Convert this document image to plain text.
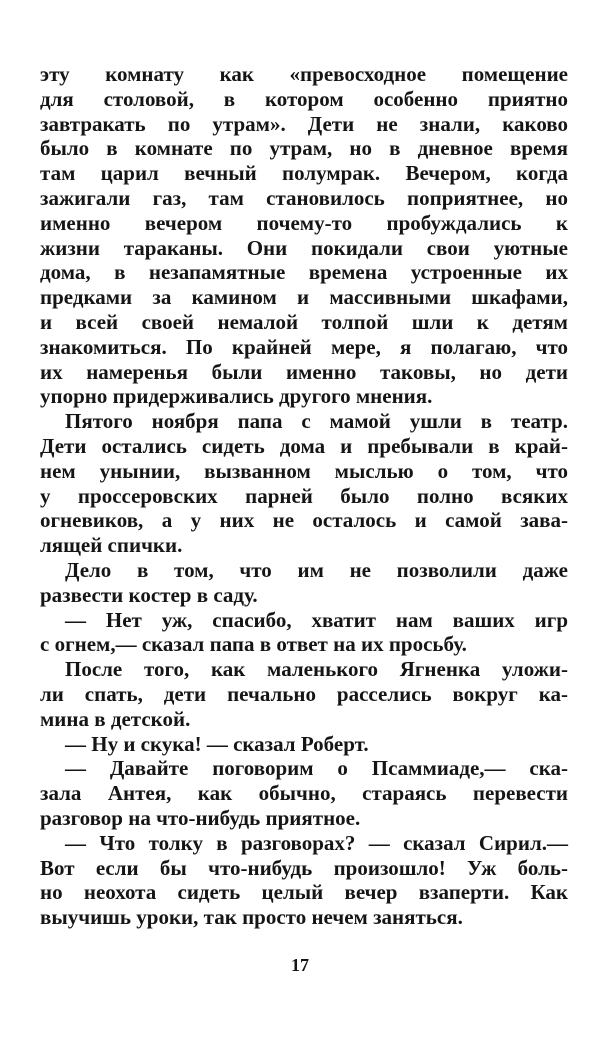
эту комнату как «превосходное помещение
для столовой, в котором особенно приятно
завтракать по утрам». Дети не знали, каково
было в комнате по утрам, но в дневное время
там царил вечный полумрак. Вечером, когда
зажигали газ, там становилось поприятнее, но
именно вечером почему-то пробуждались к
жизни тараканы. Они покидали свои уютные
дома, в незапамятные времена устроенные их
предками за камином и массивными шкафами,
и всей своей немалой толпой шли к детям
знакомиться. По крайней мере, я полагаю, что
их намеренья были именно таковы, но дети
упорно придерживались другого мнения.
Пятого ноября папа с мамой ушли в театр.
Дети остались сидеть дома и пребывали в край-
нем унынии, вызванном мыслью о том, что
у проссеровских парней было полно всяких
огневиков, а у них не осталось и самой зава-
лящей спички.
Дело в том, что им не позволили даже
развести костер в саду.
— Нет уж, спасибо, хватит нам ваших игр
с огнем,— сказал папа в ответ на их просьбу.
После того, как маленького Ягненка уложи-
ли спать, дети печально расселись вокруг ка-
мина в детской.
— Ну и скука! — сказал Роберт.
— Давайте поговорим о Псаммиаде,— ска-
зала Антея, как обычно, стараясь перевести
разговор на что-нибудь приятное.
— Что толку в разговорах? — сказал Сирил.—
Вот если бы что-нибудь произошло! Уж боль-
но неохота сидеть целый вечер взаперти. Как
выучишь уроки, так просто нечем заняться.
17
